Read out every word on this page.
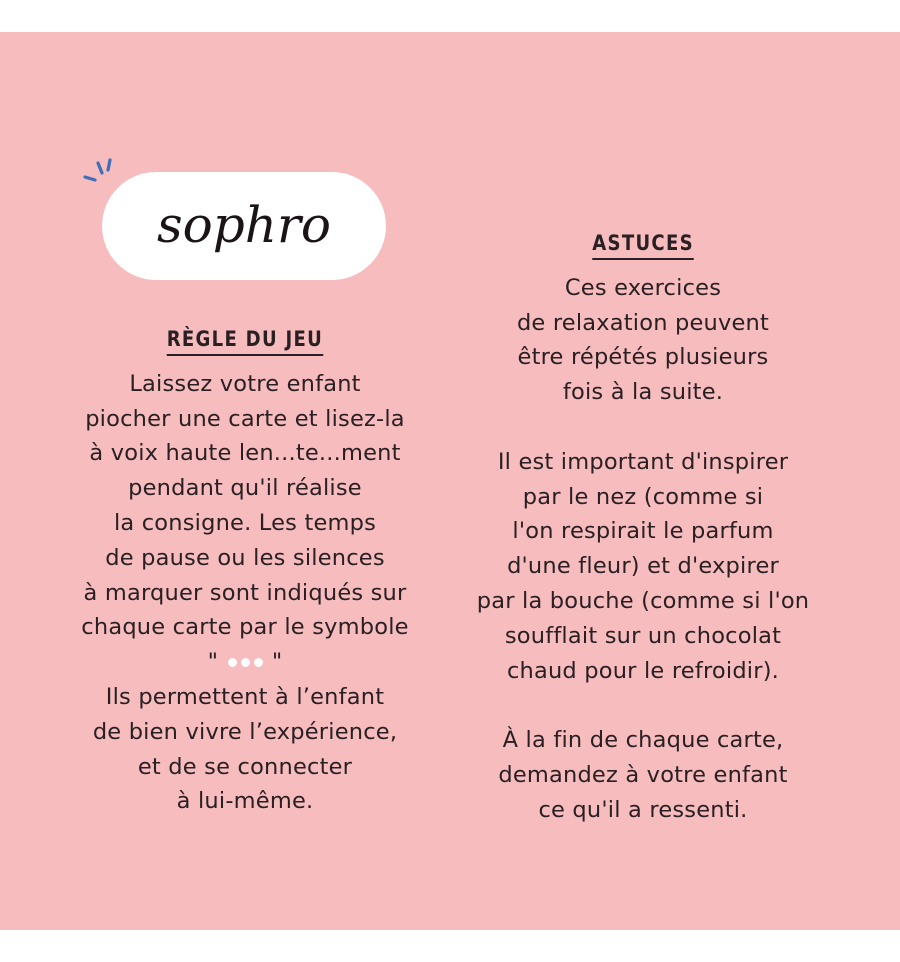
sophro
RÈGLE DU JEU
Laissez votre enfant
piocher une carte et lisez-la
à voix haute len...te...ment
pendant qu'il réalise
la consigne. Les temps
de pause ou les silences
à marquer sont indiqués sur
chaque carte par le symbole
" "
Ils permettent à l’enfant
de bien vivre l’expérience,
et de se connecter
à lui-même.
ASTUCES
Ces exercices
de relaxation peuvent
être répétés plusieurs
fois à la suite.
Il est important d'inspirer
par le nez (comme si
l'on respirait le parfum
d'une fleur) et d'expirer
par la bouche (comme si l'on
soufflait sur un chocolat
chaud pour le refroidir).
À la fin de chaque carte,
demandez à votre enfant
ce qu'il a ressenti.
